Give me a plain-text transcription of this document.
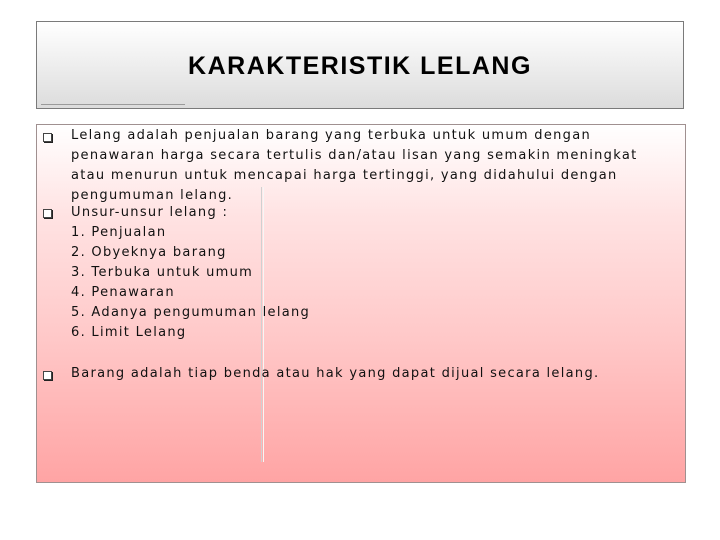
KARAKTERISTIK LELANG
Lelang adalah penjualan barang yang terbuka untuk umum dengan penawaran harga secara tertulis dan/atau lisan yang semakin meningkat atau menurun untuk mencapai harga tertinggi, yang didahului dengan pengumuman lelang.
Unsur-unsur lelang :
1. Penjualan
2. Obyeknya barang
3. Terbuka untuk umum
4. Penawaran
5. Adanya pengumuman lelang
6. Limit Lelang
Barang adalah tiap benda atau hak yang dapat dijual secara lelang.
